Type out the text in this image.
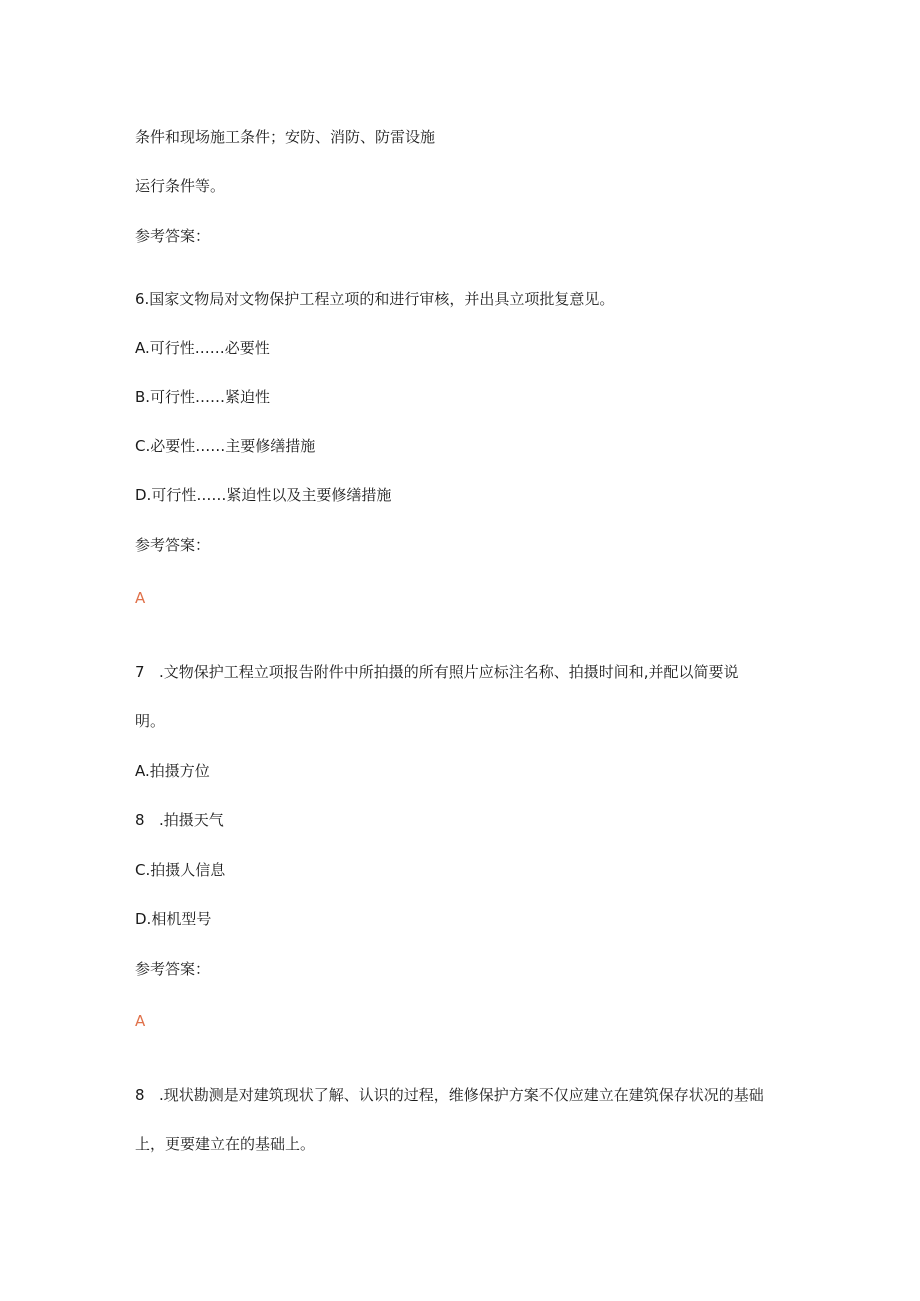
条件和现场施工条件；安防、消防、防雷设施
运行条件等。
参考答案：
6.国家文物局对文物保护工程立项的和进行审核，并出具立项批复意见。
A.可行性……必要性
B.可行性……紧迫性
C.必要性……主要修缮措施
D.可行性……紧迫性以及主要修缮措施
参考答案：
A
7 .文物保护工程立项报告附件中所拍摄的所有照片应标注名称、拍摄时间和,并配以简要说
明。
A.拍摄方位
8 .拍摄天气
C.拍摄人信息
D.相机型号
参考答案：
A
8 .现状勘测是对建筑现状了解、认识的过程，维修保护方案不仅应建立在建筑保存状况的基础
上，更要建立在的基础上。
